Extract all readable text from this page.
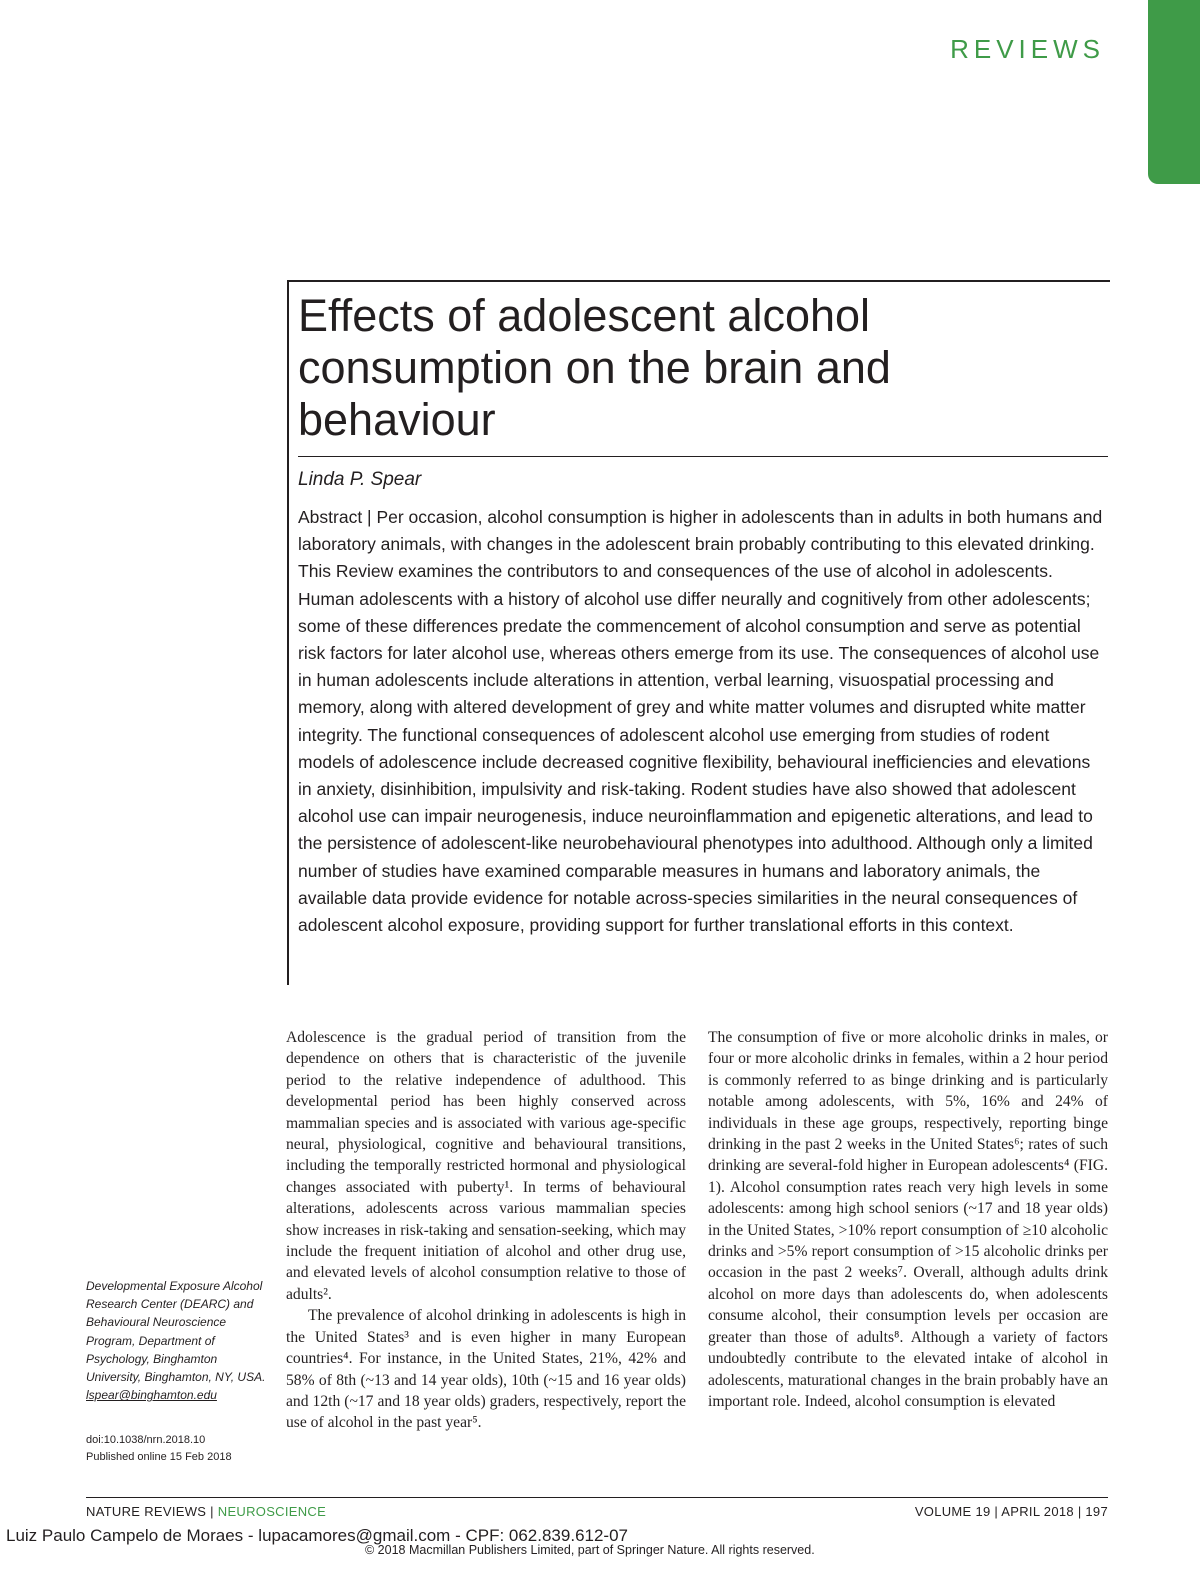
REVIEWS
Effects of adolescent alcohol consumption on the brain and behaviour
Linda P. Spear

Abstract | Per occasion, alcohol consumption is higher in adolescents than in adults in both humans and laboratory animals, with changes in the adolescent brain probably contributing to this elevated drinking. This Review examines the contributors to and consequences of the use of alcohol in adolescents. Human adolescents with a history of alcohol use differ neurally and cognitively from other adolescents; some of these differences predate the commencement of alcohol consumption and serve as potential risk factors for later alcohol use, whereas others emerge from its use. The consequences of alcohol use in human adolescents include alterations in attention, verbal learning, visuospatial processing and memory, along with altered development of grey and white matter volumes and disrupted white matter integrity. The functional consequences of adolescent alcohol use emerging from studies of rodent models of adolescence include decreased cognitive flexibility, behavioural inefficiencies and elevations in anxiety, disinhibition, impulsivity and risk-taking. Rodent studies have also showed that adolescent alcohol use can impair neurogenesis, induce neuroinflammation and epigenetic alterations, and lead to the persistence of adolescent-like neurobehavioural phenotypes into adulthood. Although only a limited number of studies have examined comparable measures in humans and laboratory animals, the available data provide evidence for notable across-species similarities in the neural consequences of adolescent alcohol exposure, providing support for further translational efforts in this context.

Adolescence is the gradual period of transition from the dependence on others that is characteristic of the juvenile period to the relative independence of adulthood. This developmental period has been highly conserved across mammalian species and is associated with various age-specific neural, physiological, cognitive and behavioural transitions, including the temporally restricted hormonal and physiological changes associated with puberty¹. In terms of behavioural alterations, adolescents across various mammalian species show increases in risk-taking and sensation-seeking, which may include the frequent initiation of alcohol and other drug use, and elevated levels of alcohol consumption relative to those of adults².

The prevalence of alcohol drinking in adolescents is high in the United States³ and is even higher in many European countries⁴. For instance, in the United States, 21%, 42% and 58% of 8th (~13 and 14 year olds), 10th (~15 and 16 year olds) and 12th (~17 and 18 year olds) graders, respectively, report the use of alcohol in the past year⁵.

The consumption of five or more alcoholic drinks in males, or four or more alcoholic drinks in females, within a 2 hour period is commonly referred to as binge drinking and is particularly notable among adolescents, with 5%, 16% and 24% of individuals in these age groups, respectively, reporting binge drinking in the past 2 weeks in the United States⁶; rates of such drinking are several-fold higher in European adolescents⁴ (FIG. 1). Alcohol consumption rates reach very high levels in some adolescents: among high school seniors (~17 and 18 year olds) in the United States, >10% report consumption of ≥10 alcoholic drinks and >5% report consumption of >15 alcoholic drinks per occasion in the past 2 weeks⁷. Overall, although adults drink alcohol on more days than adolescents do, when adolescents consume alcohol, their consumption levels per occasion are greater than those of adults⁸. Although a variety of factors undoubtedly contribute to the elevated intake of alcohol in adolescents, maturational changes in the brain probably have an important role. Indeed, alcohol consumption is elevated

Developmental Exposure Alcohol Research Center (DEARC) and Behavioural Neuroscience Program, Department of Psychology, Binghamton University, Binghamton, NY, USA.
lspear@binghamton.edu

doi:10.1038/nrn.2018.10
Published online 15 Feb 2018
NATURE REVIEWS | NEUROSCIENCE	VOLUME 19 | APRIL 2018 | 197
Luiz Paulo Campelo de Moraes - lupacamores@gmail.com - CPF: 062.839.612-07
© 2018 Macmillan Publishers Limited, part of Springer Nature. All rights reserved.
